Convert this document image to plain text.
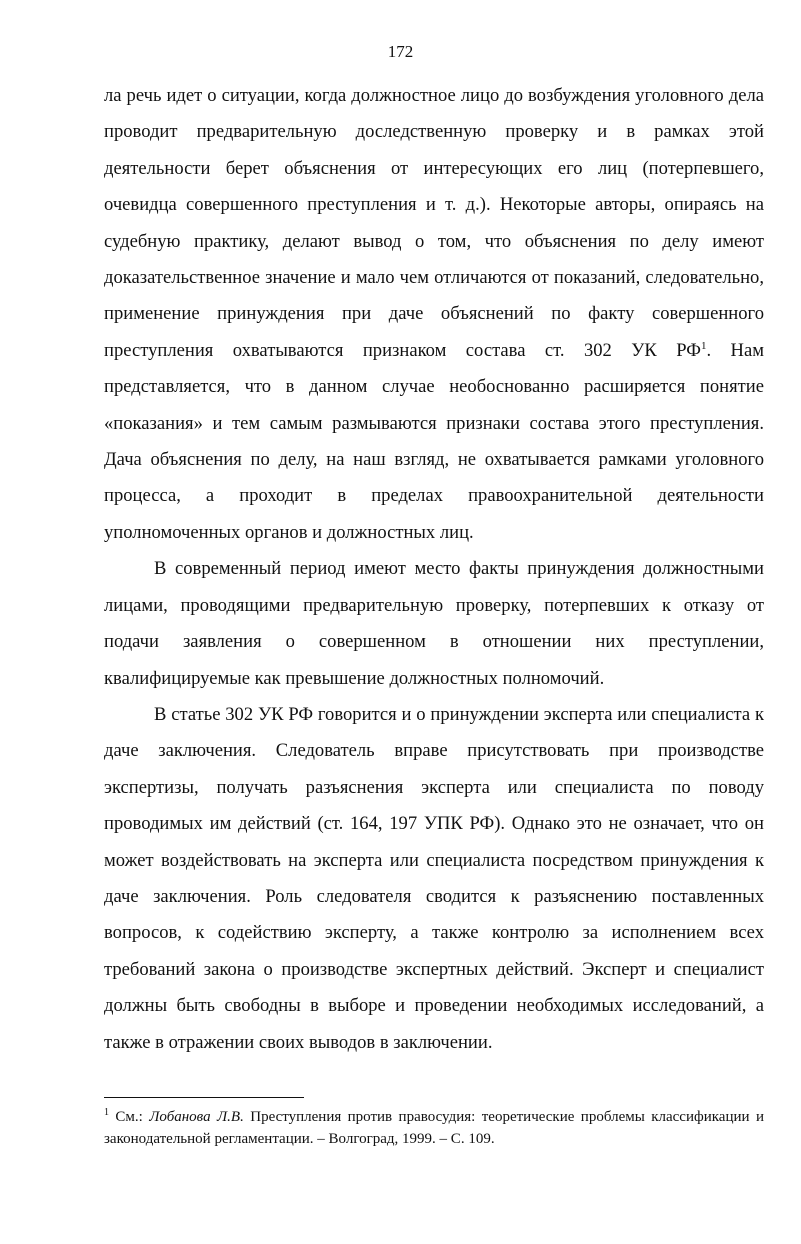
172

ла речь идет о ситуации, когда должностное лицо до возбуждения уголовного дела проводит предварительную доследственную проверку и в рамках этой деятельности берет объяснения от интересующих его лиц (потерпевшего, очевидца совершенного преступления и т. д.). Некоторые авторы, опираясь на судебную практику, делают вывод о том, что объяснения по делу имеют доказательственное значение и мало чем отличаются от показаний, следовательно, применение принуждения при даче объяснений по факту совершенного преступления охватываются признаком состава ст. 302 УК $РФ^1$. Нам представляется, что в данном случае необоснованно расширяется понятие «показания» и тем самым размываются признаки состава этого преступления. Дача объяснения по делу, на наш взгляд, не охватывается рамками уголовного процесса, а проходит в пределах правоохранительной деятельности уполномоченных органов и должностных лиц.

В современный период имеют место факты принуждения должностными лицами, проводящими предварительную проверку, потерпевших к отказу от подачи заявления о совершенном в отношении них преступлении, квалифицируемые как превышение должностных полномочий.

В статье 302 УК РФ говорится и о принуждении эксперта или специалиста к даче заключения. Следователь вправе присутствовать при производстве экспертизы, получать разъяснения эксперта или специалиста по поводу проводимых им действий (ст. 164, 197 УПК РФ). Однако это не означает, что он может воздействовать на эксперта или специалиста посредством принуждения к даче заключения. Роль следователя сводится к разъяснению поставленных вопросов, к содействию эксперту, а также контролю за исполнением всех требований закона о производстве экспертных действий. Эксперт и специалист должны быть свободны в выборе и проведении необходимых исследований, а также в отражении своих выводов в заключении.

$^1$ См.: Лобанова Л.В. Преступления против правосудия: теоретические проблемы классификации и законодательной регламентации. – Волгоград, 1999. – С. 109.
